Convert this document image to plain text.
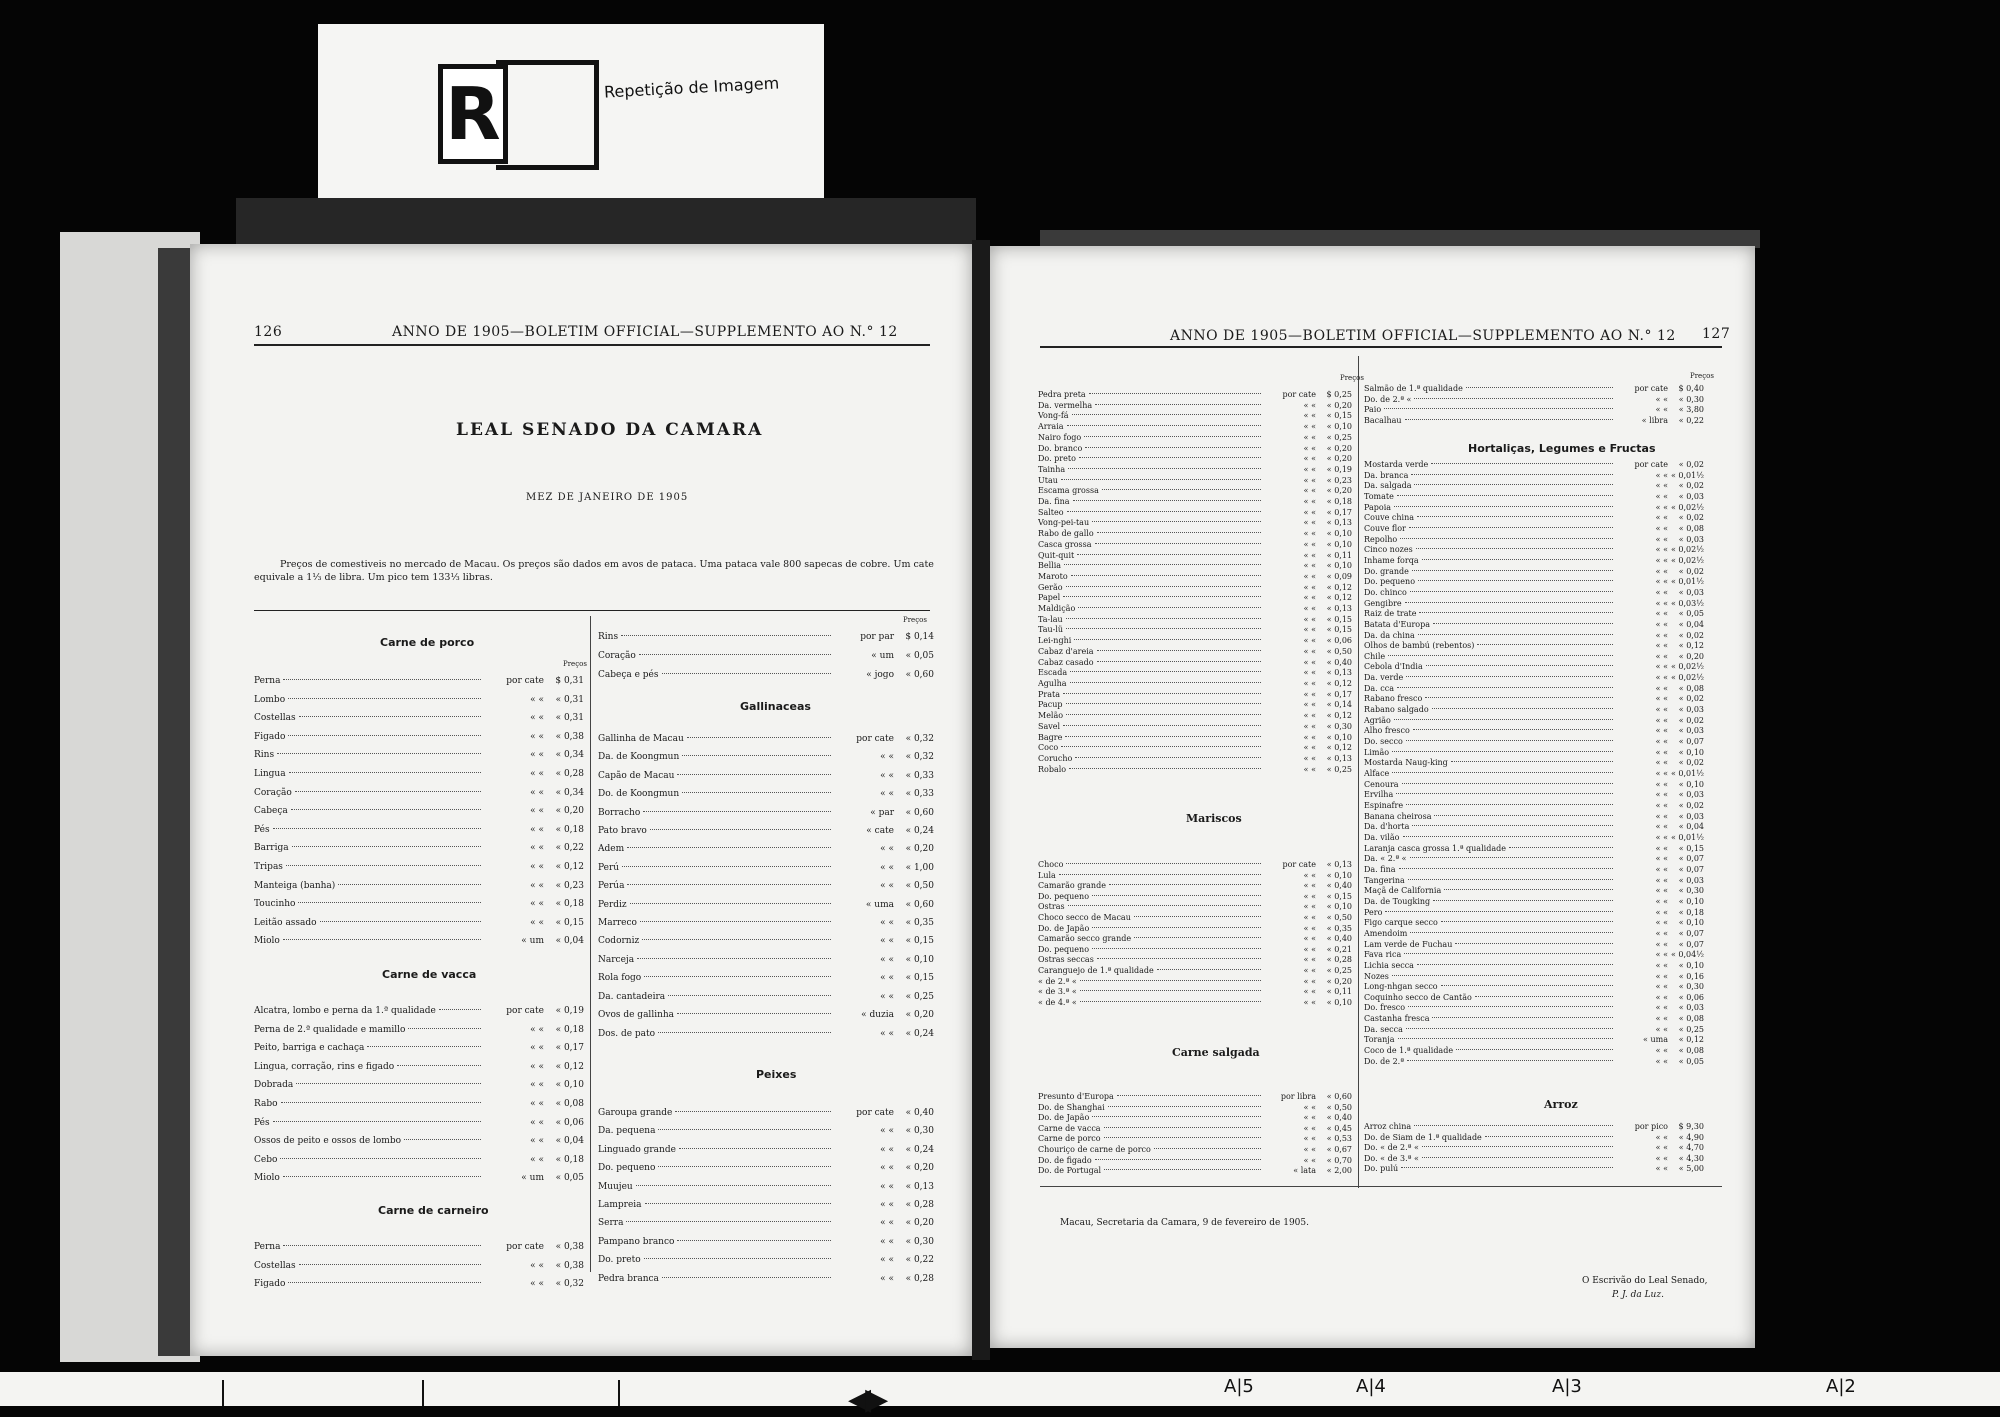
R	Repetição de Imagem
126	ANNO DE 1905—BOLETIM OFFICIAL—SUPPLEMENTO AO N.° 12
LEAL SENADO DA CAMARA
MEZ DE JANEIRO DE 1905
Preços de comestiveis no mercado de Macau. Os preços são dados em avos de pataca. Uma pataca vale 800 sapecas de cobre. Um cate equivale a 1⅓ de libra. Um pico tem 133⅓ libras.
Preços
Preços
Carne de porco
Perna	por cate	$ 0,31
Lombo	« «	« 0,31
Costellas	« «	« 0,31
Figado	« «	« 0,38
Rins	« «	« 0,34
Lingua	« «	« 0,28
Coração	« «	« 0,34
Cabeça	« «	« 0,20
Pés	« «	« 0,18
Barriga	« «	« 0,22
Tripas	« «	« 0,12
Manteiga (banha)	« «	« 0,23
Toucinho	« «	« 0,18
Leitão assado	« «	« 0,15
Miolo	« um	« 0,04
Carne de vacca
Alcatra, lombo e perna da 1.ª qualidade	por cate	« 0,19
Perna de 2.ª qualidade e mamillo	« «	« 0,18
Peito, barriga e cachaça	« «	« 0,17
Lingua, corração, rins e figado	« «	« 0,12
Dobrada	« «	« 0,10
Rabo	« «	« 0,08
Pés	« «	« 0,06
Ossos de peito e ossos de lombo	« «	« 0,04
Cebo	« «	« 0,18
Miolo	« um	« 0,05
Carne de carneiro
Perna	por cate	« 0,38
Costellas	« «	« 0,38
Figado	« «	« 0,32
Rins	por par	$ 0,14
Coração	« um	« 0,05
Cabeça e pés	« jogo	« 0,60
Gallinaceas
Gallinha de Macau	por cate	« 0,32
Da. de Koongmun	« «	« 0,32
Capão de Macau	« «	« 0,33
Do. de Koongmun	« «	« 0,33
Borracho	« par	« 0,60
Pato bravo	« cate	« 0,24
Adem	« «	« 0,20
Perú	« «	« 1,00
Perúa	« «	« 0,50
Perdiz	« uma	« 0,60
Marreco	« «	« 0,35
Codorniz	« «	« 0,15
Narceja	« «	« 0,10
Rola fogo	« «	« 0,15
Da. cantadeira	« «	« 0,25
Ovos de gallinha	« duzia	« 0,20
Dos. de pato	« «	« 0,24
Peixes
Garoupa grande	por cate	« 0,40
Da. pequena	« «	« 0,30
Linguado grande	« «	« 0,24
Do. pequeno	« «	« 0,20
Muujeu	« «	« 0,13
Lampreia	« «	« 0,28
Serra	« «	« 0,20
Pampano branco	« «	« 0,30
Do. preto	« «	« 0,22
Pedra branca	« «	« 0,28
ANNO DE 1905—BOLETIM OFFICIAL—SUPPLEMENTO AO N.° 12 127
Preços	Preços
Pedra preta	por cate	$ 0,25
Da. vermelha	« «	« 0,20
Vong-fá	« «	« 0,15
Arraia	« «	« 0,10
Nairo fogo	« «	« 0,25
Do. branco	« «	« 0,20
Do. preto	« «	« 0,20
Tainha	« «	« 0,19
Utau	« «	« 0,23
Escama grossa	« «	« 0,20
Da. fina	« «	« 0,18
Salteo	« «	« 0,17
Vong-pei-tau	« «	« 0,13
Rabo de gallo	« «	« 0,10
Casca grossa	« «	« 0,10
Quit-quit	« «	« 0,11
Bellia	« «	« 0,10
Maroto	« «	« 0,09
Gerão	« «	« 0,12
Papel	« «	« 0,12
Maldição	« «	« 0,13
Ta-lau	« «	« 0,15
Tau-lü	« «	« 0,15
Lei-nghi	« «	« 0,06
Cabaz d'areia	« «	« 0,50
Cabaz casado	« «	« 0,40
Escada	« «	« 0,13
Agulha	« «	« 0,12
Prata	« «	« 0,17
Pacup	« «	« 0,14
Melão	« «	« 0,12
Savel	« «	« 0,30
Bagre	« «	« 0,10
Coco	« «	« 0,12
Corucho	« «	« 0,13
Robalo	« «	« 0,25
Mariscos
Choco	por cate	« 0,13
Lula	« «	« 0,10
Camarão grande	« «	« 0,40
Do. pequeno	« «	« 0,15
Ostras	« «	« 0,10
Choco secco de Macau	« «	« 0,50
Do. de Japão	« «	« 0,35
Camarão secco grande	« «	« 0,40
Do. pequeno	« «	« 0,21
Ostras seccas	« «	« 0,28
Caranguejo de 1.ª qualidade	« «	« 0,25
« de 2.ª «	« «	« 0,20
« de 3.ª «	« «	« 0,11
« de 4.ª «	« «	« 0,10
Carne salgada
Presunto d'Europa	por libra	« 0,60
Do. de Shanghai	« «	« 0,50
Do. de Japão	« «	« 0,40
Carne de vacca	« «	« 0,45
Carne de porco	« «	« 0,53
Chouriço de carne de porco	« «	« 0,67
Do. de figado	« «	« 0,70
Do. de Portugal	« lata	« 2,00
Salmão de 1.ª qualidade	por cate	$ 0,40
Do. de 2.ª «	« «	« 0,30
Paio	« «	« 3,80
Bacalhau	« libra	« 0,22
Hortaliças, Legumes e Fructas
Mostarda verde	por cate	« 0,02
Da. branca	« « « 0,01½
Da. salgada	« «	« 0,02
Tomate	« «	« 0,03
Papoia	« « « 0,02½
Couve china	« «	« 0,02
Couve flor	« «	« 0,08
Repolho	« «	« 0,03
Cinco nozes	« « « 0,02½
Inhame forqa	« « « 0,02½
Do. grande	« «	« 0,02
Do. pequeno	« « « 0,01½
Do. chinco	« «	« 0,03
Gengibre	« « « 0,03½
Raiz de trate	« «	« 0,05
Batata d'Europa	« «	« 0,04
Da. da china	« «	« 0,02
Olhos de bambú (rebentos)	« «	« 0,12
Chile	« «	« 0,20
Cebola d'India	« « « 0,02½
Da. verde	« « « 0,02½
Da. cca	« «	« 0,08
Rabano fresco	« «	« 0,02
Rabano salgado	« «	« 0,03
Agrião	« «	« 0,02
Alho fresco	« «	« 0,03
Do. secco	« «	« 0,07
Limão	« «	« 0,10
Mostarda Naug-king	« «	« 0,02
Alface	« « « 0,01½
Cenoura	« «	« 0,10
Ervilha	« «	« 0,03
Espinafre	« «	« 0,02
Banana cheirosa	« «	« 0,03
Da. d'horta	« «	« 0,04
Da. vilão	« « « 0,01½
Laranja casca grossa 1.ª qualidade	« «	« 0,15
Da. « 2.ª «	« «	« 0,07
Da. fina	« «	« 0,07
Tangerina	« «	« 0,03
Maçã de California	« «	« 0,30
Da. de Tougking	« «	« 0,10
Pero	« «	« 0,18
Figo carque secco	« «	« 0,10
Amendoim	« «	« 0,07
Lam verde de Fuchau	« «	« 0,07
Fava rica	« « « 0,04½
Lichia secca	« «	« 0,10
Nozes	« «	« 0,16
Long-nhgan secco	« «	« 0,30
Coquinho secco de Cantão	« «	« 0,06
Do. fresco	« «	« 0,03
Castanha fresca	« «	« 0,08
Da. secca	« «	« 0,25
Toranja	« uma	« 0,12
Coco de 1.ª qualidade	« «	« 0,08
Do. de 2.ª	« «	« 0,05
Arroz
Arroz china	por pico	$ 9,30
Do. de Siam de 1.ª qualidade	« «	« 4,90
Do. « de 2.ª «	« «	« 4,70
Do. « de 3.ª «	« «	« 4,30
Do. pulú	« «	« 5,00
Macau, Secretaria da Camara, 9 de fevereiro de 1905.
O Escrivão do Leal Senado,
P. J. da Luz.
◀▶	A|5	A|4	A|3	A|2
